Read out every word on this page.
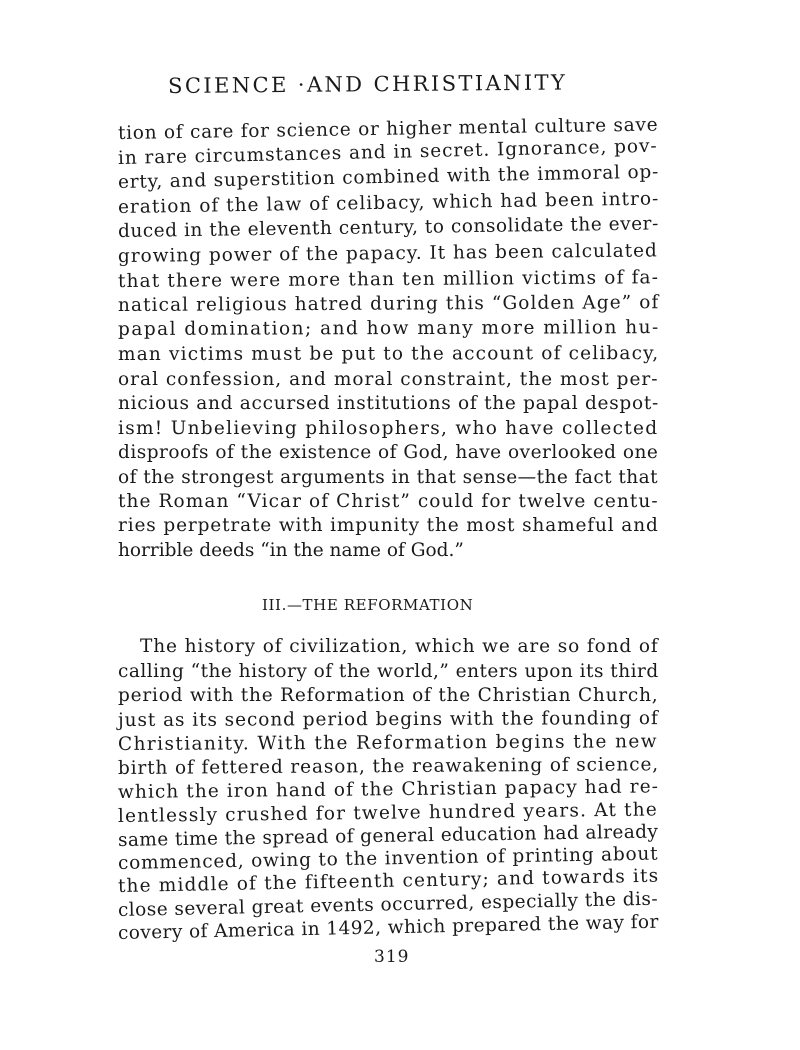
SCIENCE ·AND CHRISTIANITY
tion of care for science or higher mental culture save
in rare circumstances and in secret. Ignorance, pov-
erty, and superstition combined with the immoral op-
eration of the law of celibacy, which had been intro-
duced in the eleventh century, to consolidate the ever-
growing power of the papacy. It has been calculated
that there were more than ten million victims of fa-
natical religious hatred during this “Golden Age” of
papal domination; and how many more million hu-
man victims must be put to the account of celibacy,
oral confession, and moral constraint, the most per-
nicious and accursed institutions of the papal despot-
ism! Unbelieving philosophers, who have collected
disproofs of the existence of God, have overlooked one
of the strongest arguments in that sense—the fact that
the Roman “Vicar of Christ” could for twelve centu-
ries perpetrate with impunity the most shameful and
horrible deeds “in the name of God.”
III.—THE REFORMATION
The history of civilization, which we are so fond of
calling “the history of the world,” enters upon its third
period with the Reformation of the Christian Church,
just as its second period begins with the founding of
Christianity. With the Reformation begins the new
birth of fettered reason, the reawakening of science,
which the iron hand of the Christian papacy had re-
lentlessly crushed for twelve hundred years. At the
same time the spread of general education had already
commenced, owing to the invention of printing about
the middle of the fifteenth century; and towards its
close several great events occurred, especially the dis-
covery of America in 1492, which prepared the way for
319
